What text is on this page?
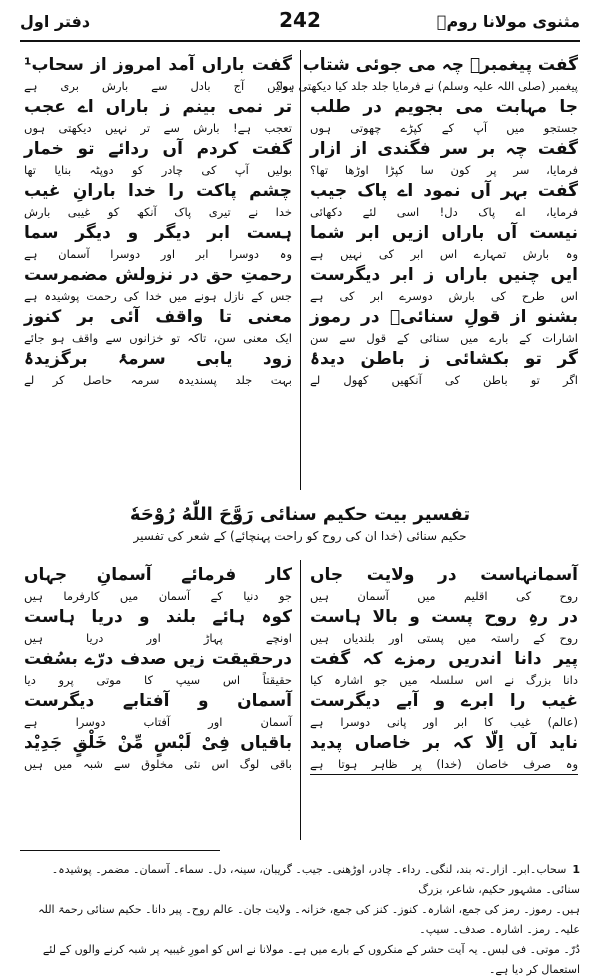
مثنوی مولانا رومؒ
242
دفتر اول
گفت پیغمبرؐ چہ می جوئی شتاب
پیغمبر (صلی اللہ علیہ وسلم) نے فرمایا جلد جلد کیا دیکھتی ہو؟
جا مہابت می بجویم در طلب
جستجو میں آپ کے کپڑے چھوتی ہوں
گفت چہ بر سر فگندی از ازار
فرمایا، سر پر کون سا کپڑا اوڑھا تھا؟
گفت بہر آں نمود اے پاک جیب
فرمایا، اے پاک دل! اسی لئے دکھائی
نیست آں باراں ازیں ابر شما
وہ بارش تمہارے اس ابر کی نہیں ہے
ایں چنیں باراں ز ابر دیگرست
اس طرح کی بارش دوسرے ابر کی ہے
بشنو از قولِ سنائیؒ در رموز
اشارات کے بارے میں سنائی کے قول سے سن
گر تو بکشائی ز باطن دیدۂ
اگر تو باطن کی آنکھیں کھول لے
گفت باراں آمد امروز از سحاب¹
بولیں آج بادل سے بارش بری ہے
تر نمی بینم ز باراں اے عجب
تعجب ہے! بارش سے تر نہیں دیکھتی ہوں
گفت کردم آں ردائے تو خمار
بولیں آپ کی چادر کو دوپٹہ بنایا تھا
چشم پاکت را خدا بارانِ غیب
خدا نے تیری پاک آنکھ کو غیبی بارش
ہست ابر دیگر و دیگر سما
وہ دوسرا ابر اور دوسرا آسمان ہے
رحمتِ حق در نزولش مضمرست
جس کے نازل ہونے میں خدا کی رحمت پوشیدہ ہے
معنی تا واقف آئی بر کنوز
ایک معنی سن، تاکہ تو خزانوں سے واقف ہو جائے
زود یابی سرمۂ برگزیدۂ
بہت جلد پسندیدہ سرمہ حاصل کر لے
تفسیر بیت حکیم سنائی رَوَّحَ اللّٰهُ رُوْحَهٗ
حکیم سنائی (خدا ان کی روح کو راحت پہنچائے) کے شعر کی تفسیر
آسمانہاست در ولایت جاں
روح کی اقلیم میں آسمان ہیں
در رہِ روح پست و بالا ہاست
روح کے راستہ میں پستی اور بلندیاں ہیں
پیر دانا اندریں رمزے کہ گفت
دانا بزرگ نے اس سلسلہ میں جو اشارہ کیا
غیب را ابرے و آبے دیگرست
(عالم) غیب کا ابر اور پانی دوسرا ہے
ناید آں اِلّا کہ بر خاصاں پدید
وہ صرف خاصان (خدا) پر ظاہر ہوتا ہے
کار فرمائے آسمانِ جہاں
جو دنیا کے آسمان میں کارفرما ہیں
کوہ ہائے بلند و دریا ہاست
اونچے پہاڑ اور دریا ہیں
درحقیقت زیں صدف درّے بسُفت
حقیقتاً اس سیپ کا موتی پرو دیا
آسمان و آفتابے دیگرست
آسمان اور آفتاب دوسرا ہے
باقیاں فِیْ لَبْسٍ مِّنْ خَلْقٍ جَدِیْد
باقی لوگ اس نئی مخلوق سے شبہ میں ہیں
1سحاب۔ابر۔ ازار۔تہ بند، لنگی۔ رداء۔ چادر، اوڑھنی۔ جیب۔ گریبان، سینہ، دل۔ سماء۔ آسمان۔ مضمر۔ پوشیدہ۔ سنائی۔ مشہور حکیم، شاعر، بزرگ
ہیں۔ رموز۔ رمز کی جمع، اشارہ۔ کنوز۔ کنز کی جمع، خزانہ۔ ولایت جان۔ عالم روح۔ پیر دانا۔ حکیم سنائی رحمۃ اللہ علیہ۔ رمز۔ اشارہ۔ صدف۔ سیپ۔
دُرّ۔ موتی۔ فی لبس۔ یہ آیت حشر کے منکروں کے بارے میں ہے۔ مولانا نے اس کو امورِ غیبیہ پر شبہ کرنے والوں کے لئے استعمال کر دیا ہے۔
